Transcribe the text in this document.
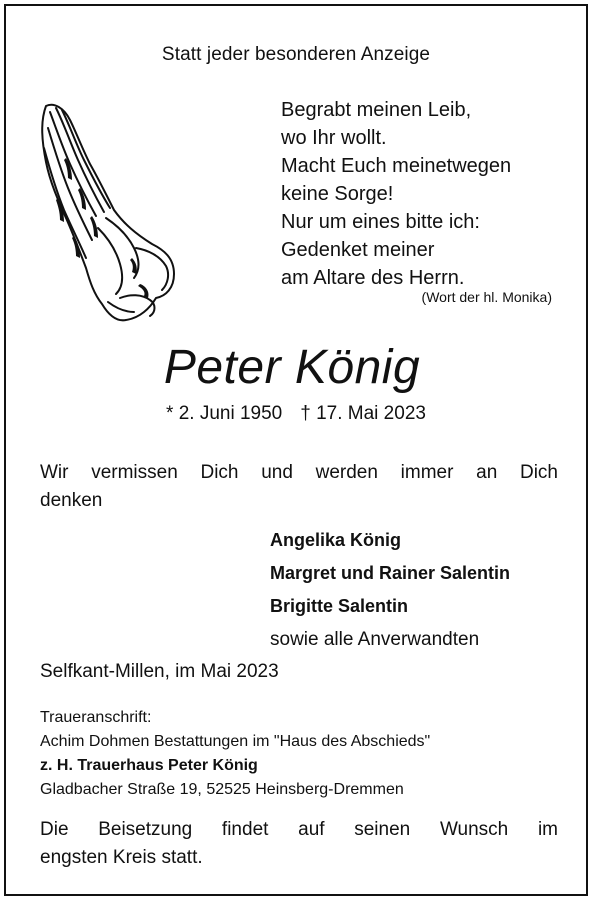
Statt jeder besonderen Anzeige
Begrabt meinen Leib,
wo Ihr wollt.
Macht Euch meinetwegen
keine Sorge!
Nur um eines bitte ich:
Gedenket meiner
am Altare des Herrn.
(Wort der hl. Monika)
Peter König
* 2. Juni 1950 † 17. Mai 2023
Wir vermissen Dich und werden immer an Dich
denken
Angelika König
Margret und Rainer Salentin
Brigitte Salentin
sowie alle Anverwandten
Selfkant-Millen, im Mai 2023
Traueranschrift:
Achim Dohmen Bestattungen im "Haus des Abschieds"
z. H. Trauerhaus Peter König
Gladbacher Straße 19, 52525 Heinsberg-Dremmen
Die Beisetzung findet auf seinen Wunsch im
engsten Kreis statt.
